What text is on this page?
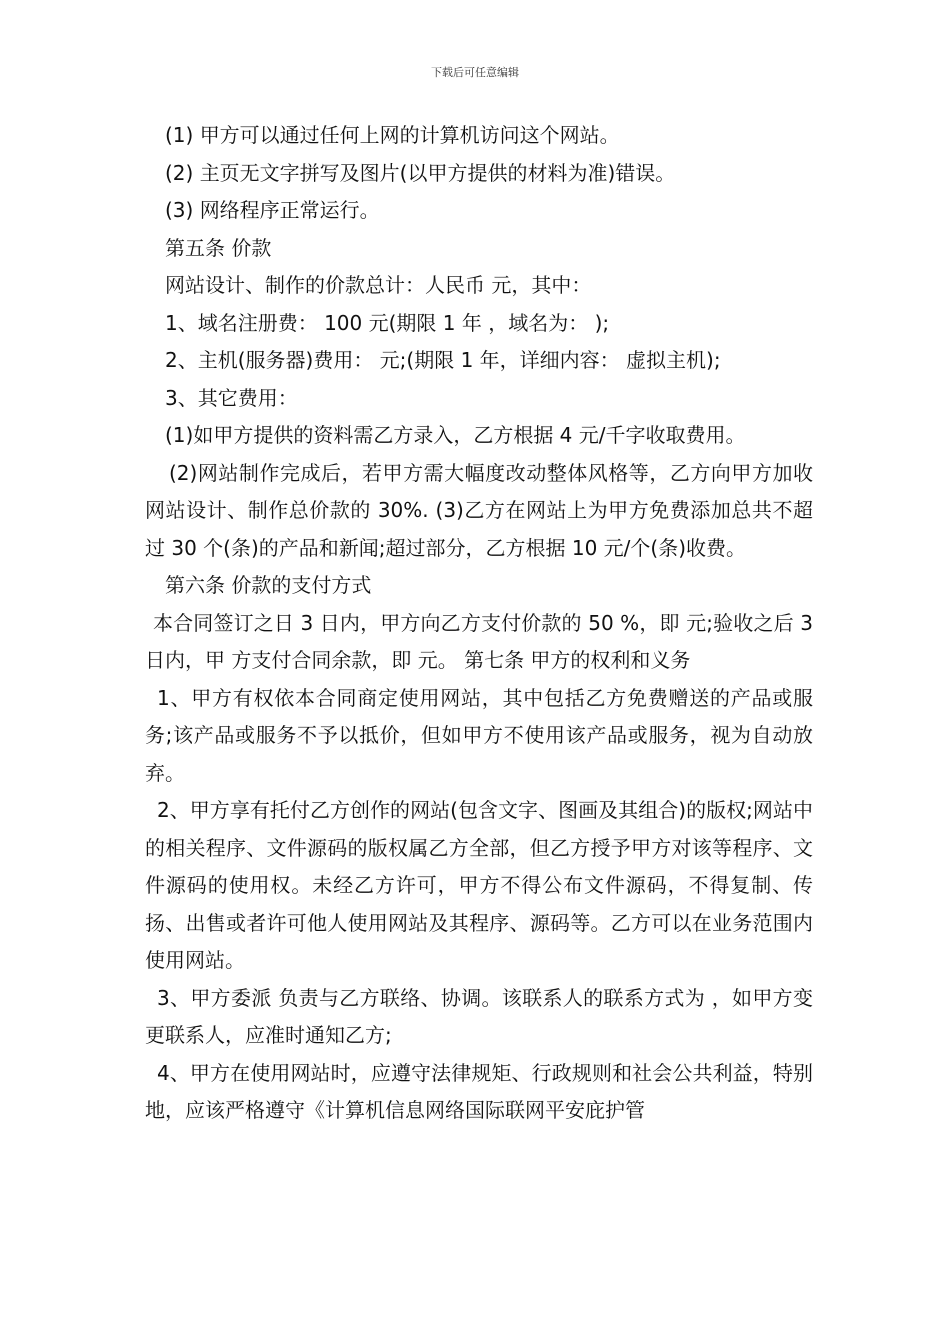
下载后可任意编辑

(1) 甲方可以通过任何上网的计算机访问这个网站。

(2) 主页无文字拼写及图片(以甲方提供的材料为准)错误。

(3) 网络程序正常运行。

第五条 价款

网站设计、制作的价款总计：人民币 元，其中：

1、域名注册费： 100 元(期限 1 年 ，域名为： );

2、主机(服务器)费用： 元;(期限 1 年，详细内容： 虚拟主机);

3、其它费用：

(1)如甲方提供的资料需乙方录入，乙方根据 4 元/千字收取费用。

(2)网站制作完成后，若甲方需大幅度改动整体风格等，乙方向甲方加收网站设计、制作总价款的 30%. (3)乙方在网站上为甲方免费添加总共不超过 30 个(条)的产品和新闻;超过部分，乙方根据 10 元/个(条)收费。

第六条 价款的支付方式

本合同签订之日 3 日内，甲方向乙方支付价款的 50 %，即 元;验收之后 3 日内，甲 方支付合同余款，即 元。 第七条 甲方的权利和义务

1、甲方有权依本合同商定使用网站，其中包括乙方免费赠送的产品或服务;该产品或服务不予以抵价，但如甲方不使用该产品或服务，视为自动放弃。

2、甲方享有托付乙方创作的网站(包含文字、图画及其组合)的版权;网站中的相关程序、文件源码的版权属乙方全部，但乙方授予甲方对该等程序、文件源码的使用权。未经乙方许可，甲方不得公布文件源码，不得复制、传扬、出售或者许可他人使用网站及其程序、源码等。乙方可以在业务范围内使用网站。

3、甲方委派 负责与乙方联络、协调。该联系人的联系方式为 ，如甲方变更联系人，应准时通知乙方;

4、甲方在使用网站时，应遵守法律规矩、行政规则和社会公共利益，特别地，应该严格遵守《计算机信息网络国际联网平安庇护管
